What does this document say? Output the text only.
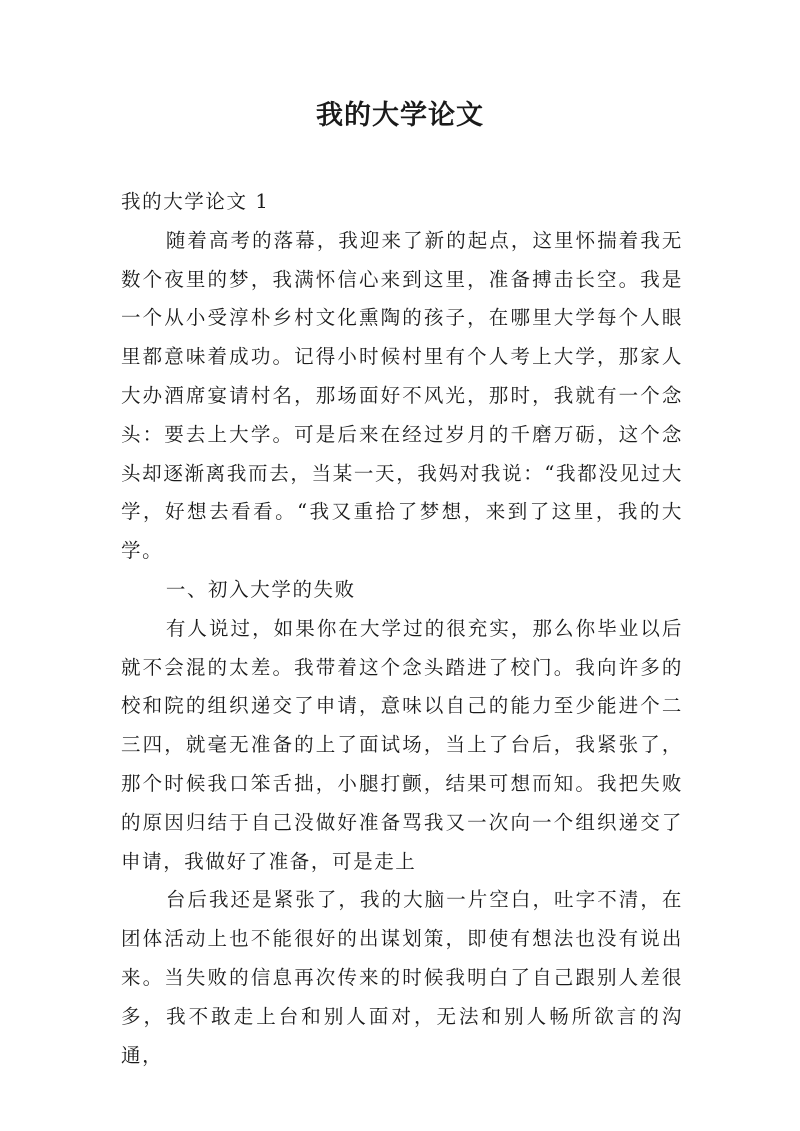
我的大学论文

我的大学论文 1

随着高考的落幕，我迎来了新的起点，这里怀揣着我无数个夜里的梦，我满怀信心来到这里，准备搏击长空。我是一个从小受淳朴乡村文化熏陶的孩子，在哪里大学每个人眼里都意味着成功。记得小时候村里有个人考上大学，那家人大办酒席宴请村名，那场面好不风光，那时，我就有一个念头：要去上大学。可是后来在经过岁月的千磨万砺，这个念头却逐渐离我而去，当某一天，我妈对我说：“我都没见过大学，好想去看看。“我又重拾了梦想，来到了这里，我的大学。

一、初入大学的失败

有人说过，如果你在大学过的很充实，那么你毕业以后就不会混的太差。我带着这个念头踏进了校门。我向许多的校和院的组织递交了申请，意味以自己的能力至少能进个二三四，就毫无准备的上了面试场，当上了台后，我紧张了，那个时候我口笨舌拙，小腿打颤，结果可想而知。我把失败的原因归结于自己没做好准备骂我又一次向一个组织递交了申请，我做好了准备，可是走上

台后我还是紧张了，我的大脑一片空白，吐字不清，在团体活动上也不能很好的出谋划策，即使有想法也没有说出来。当失败的信息再次传来的时候我明白了自己跟别人差很多，我不敢走上台和别人面对，无法和别人畅所欲言的沟通，
